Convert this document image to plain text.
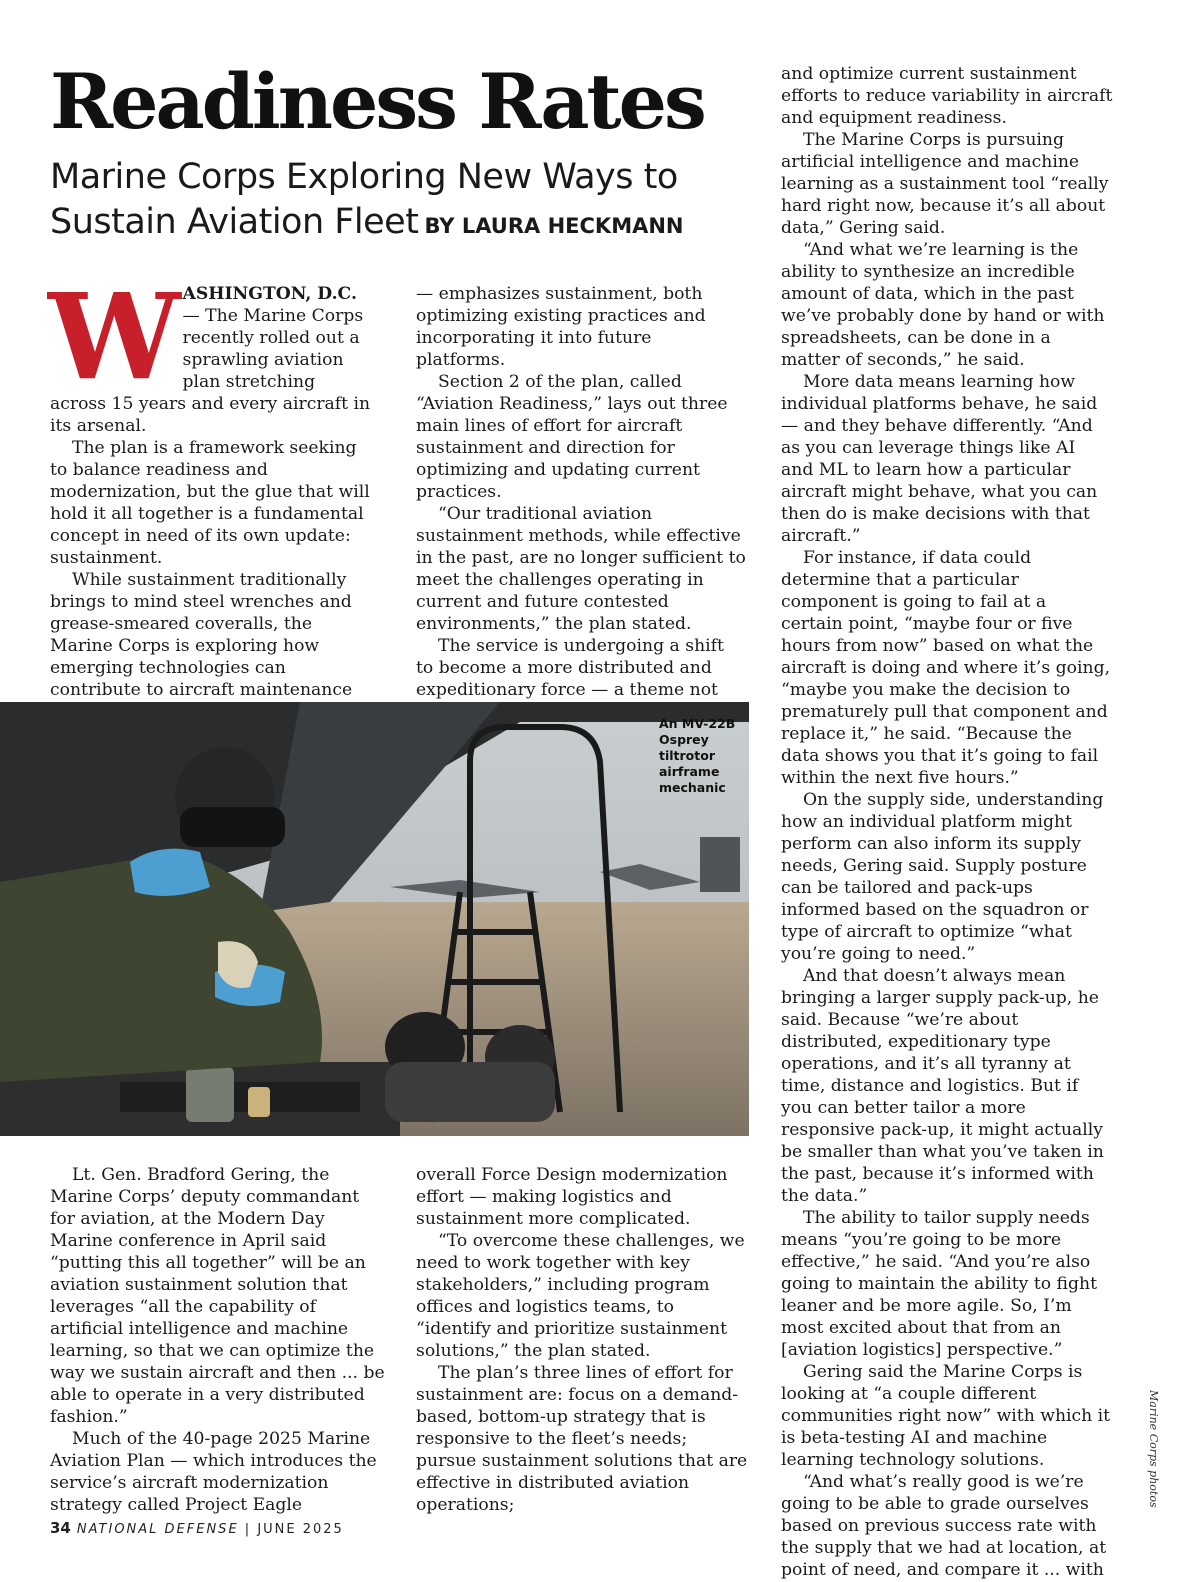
Readiness Rates
Marine Corps Exploring New Ways to Sustain Aviation Fleet BY LAURA HECKMANN
W ASHINGTON, D.C. — The Marine Corps recently rolled out a sprawling aviation plan stretching across 15 years and every aircraft in its arsenal.

The plan is a framework seeking to balance readiness and modernization, but the glue that will hold it all together is a fundamental concept in need of its own update: sustainment.

While sustainment traditionally brings to mind steel wrenches and grease-smeared coveralls, the Marine Corps is exploring how emerging technologies can contribute to aircraft maintenance

— emphasizes sustainment, both optimizing existing practices and incorporating it into future platforms.

Section 2 of the plan, called “Aviation Readiness,” lays out three main lines of effort for aircraft sustainment and direction for optimizing and updating current practices.

“Our traditional aviation sustainment methods, while effective in the past, are no longer sufficient to meet the challenges operating in current and future contested environments,” the plan stated.

The service is undergoing a shift to become a more distributed and expeditionary force — a theme not

An MV-22B Osprey tiltrotor airframe mechanic

Lt. Gen. Bradford Gering, the Marine Corps’ deputy commandant for aviation, at the Modern Day Marine conference in April said “putting this all together” will be an aviation sustainment solution that leverages “all the capability of artificial intelligence and machine learning, so that we can optimize the way we sustain aircraft and then ... be able to operate in a very distributed fashion.”

Much of the 40-page 2025 Marine Aviation Plan — which introduces the service’s aircraft modernization strategy called Project Eagle

overall Force Design modernization effort — making logistics and sustainment more complicated.

“To overcome these challenges, we need to work together with key stakeholders,” including program offices and logistics teams, to “identify and prioritize sustainment solutions,” the plan stated.

The plan’s three lines of effort for sustainment are: focus on a demand-based, bottom-up strategy that is responsive to the fleet’s needs; pursue sustainment solutions that are effective in distributed aviation operations;

and optimize current sustainment efforts to reduce variability in aircraft and equipment readiness.

The Marine Corps is pursuing artificial intelligence and machine learning as a sustainment tool “really hard right now, because it’s all about data,” Gering said.

“And what we’re learning is the ability to synthesize an incredible amount of data, which in the past we’ve probably done by hand or with spreadsheets, can be done in a matter of seconds,” he said.

More data means learning how individual platforms behave, he said — and they behave differently. “And as you can leverage things like AI and ML to learn how a particular aircraft might behave, what you can then do is make decisions with that aircraft.”

For instance, if data could determine that a particular component is going to fail at a certain point, “maybe four or five hours from now” based on what the aircraft is doing and where it’s going, “maybe you make the decision to prematurely pull that component and replace it,” he said. “Because the data shows you that it’s going to fail within the next five hours.”

On the supply side, understanding how an individual platform might perform can also inform its supply needs, Gering said. Supply posture can be tailored and pack-ups informed based on the squadron or type of aircraft to optimize “what you’re going to need.”

And that doesn’t always mean bringing a larger supply pack-up, he said. Because “we’re about distributed, expeditionary type operations, and it’s all tyranny at time, distance and logistics. But if you can better tailor a more responsive pack-up, it might actually be smaller than what you’ve taken in the past, because it’s informed with the data.”

The ability to tailor supply needs means “you’re going to be more effective,” he said. “And you’re also going to maintain the ability to fight leaner and be more agile. So, I’m most excited about that from an [aviation logistics] perspective.”

Gering said the Marine Corps is looking at “a couple different communities right now” with which it is beta-testing AI and machine learning technology solutions.

“And what’s really good is we’re going to be able to grade ourselves based on previous success rate with the supply that we had at location, at point of need, and compare it ... with

Marine Corps photos
34 NATIONAL DEFENSE | JUNE 2025
